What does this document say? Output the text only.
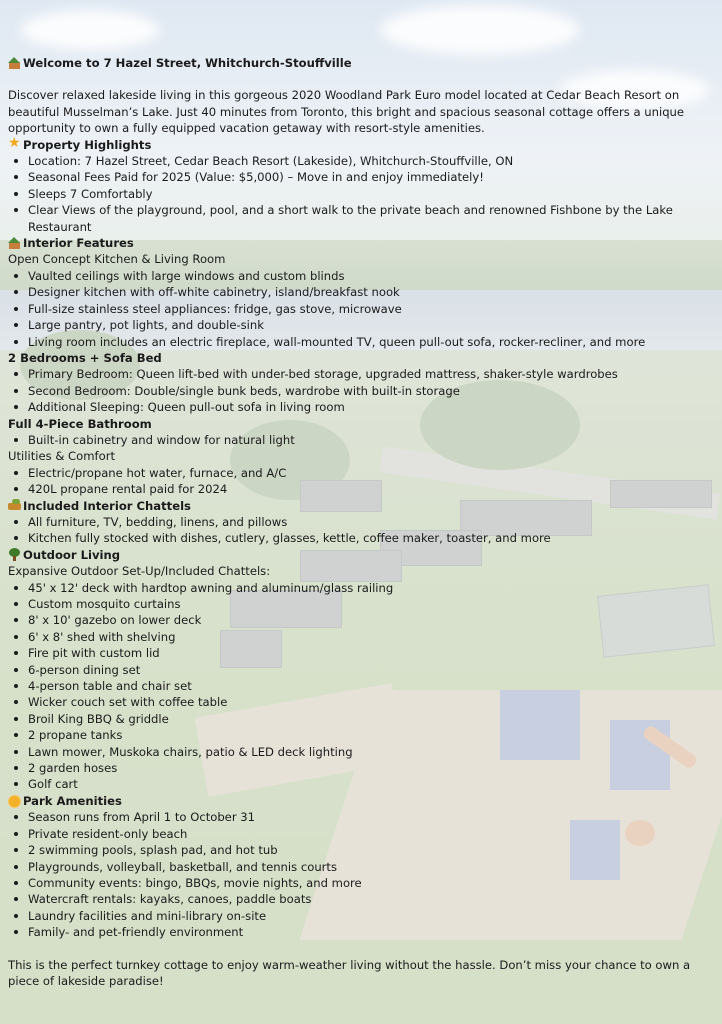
Welcome to 7 Hazel Street, Whitchurch-Stouffville

Discover relaxed lakeside living in this gorgeous 2020 Woodland Park Euro model located at Cedar Beach Resort on beautiful Musselman’s Lake. Just 40 minutes from Toronto, this bright and spacious seasonal cottage offers a unique opportunity to own a fully equipped vacation getaway with resort-style amenities.

★
Property Highlights
Location: 7 Hazel Street, Cedar Beach Resort (Lakeside), Whitchurch-Stouffville, ON
Seasonal Fees Paid for 2025 (Value: $5,000) – Move in and enjoy immediately!
Sleeps 7 Comfortably
Clear Views of the playground, pool, and a short walk to the private beach and renowned Fishbone by the Lake Restaurant
Interior Features

Open Concept Kitchen & Living Room

Vaulted ceilings with large windows and custom blinds
Designer kitchen with off-white cabinetry, island/breakfast nook
Full-size stainless steel appliances: fridge, gas stove, microwave
Large pantry, pot lights, and double-sink
Living room includes an electric fireplace, wall-mounted TV, queen pull-out sofa, rocker-recliner, and more

2 Bedrooms + Sofa Bed

Primary Bedroom: Queen lift-bed with under-bed storage, upgraded mattress, shaker-style wardrobes
Second Bedroom: Double/single bunk beds, wardrobe with built-in storage
Additional Sleeping: Queen pull-out sofa in living room

Full 4-Piece Bathroom

Built-in cabinetry and window for natural light

Utilities & Comfort

Electric/propane hot water, furnace, and A/C
420L propane rental paid for 2024
Included Interior Chattels
All furniture, TV, bedding, linens, and pillows
Kitchen fully stocked with dishes, cutlery, glasses, kettle, coffee maker, toaster, and more
Outdoor Living

Expansive Outdoor Set-Up/Included Chattels:

45' x 12' deck with hardtop awning and aluminum/glass railing
Custom mosquito curtains
8' x 10' gazebo on lower deck
6' x 8' shed with shelving
Fire pit with custom lid
6-person dining set
4-person table and chair set
Wicker couch set with coffee table
Broil King BBQ & griddle
2 propane tanks
Lawn mower, Muskoka chairs, patio & LED deck lighting
2 garden hoses
Golf cart
Park Amenities
Season runs from April 1 to October 31
Private resident-only beach
2 swimming pools, splash pad, and hot tub
Playgrounds, volleyball, basketball, and tennis courts
Community events: bingo, BBQs, movie nights, and more
Watercraft rentals: kayaks, canoes, paddle boats
Laundry facilities and mini-library on-site
Family- and pet-friendly environment

This is the perfect turnkey cottage to enjoy warm-weather living without the hassle. Don’t miss your chance to own a piece of lakeside paradise!
